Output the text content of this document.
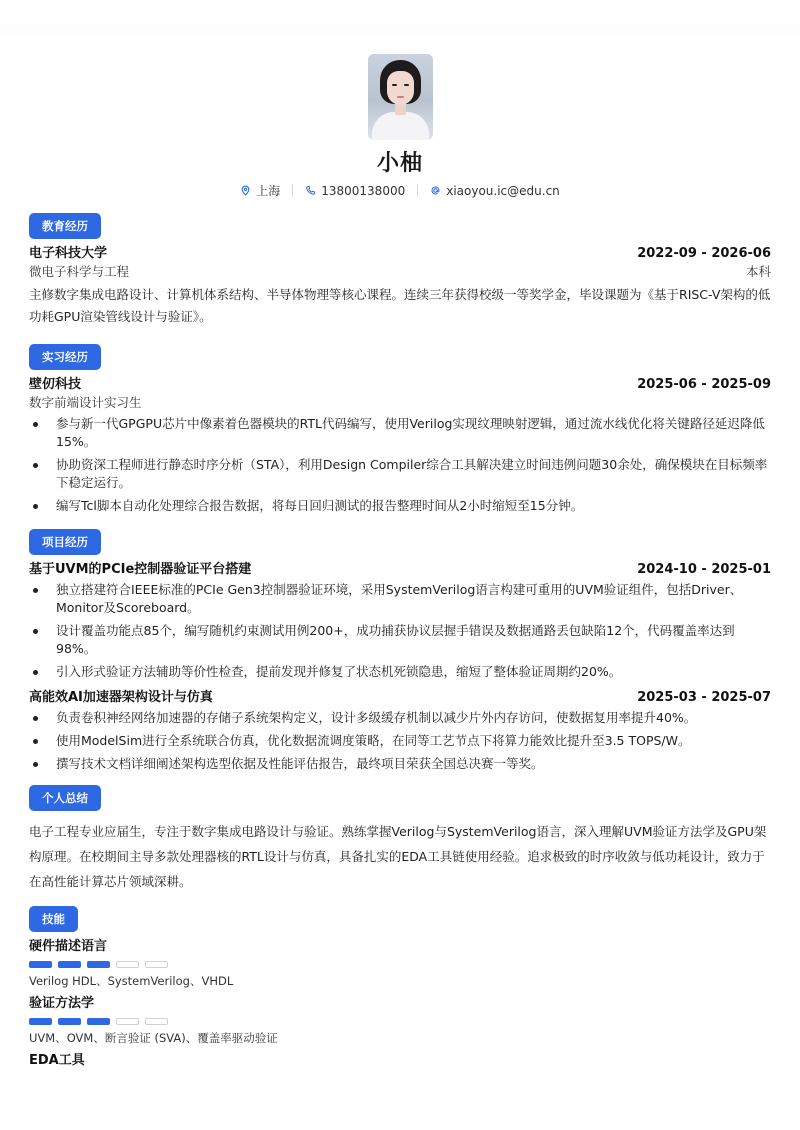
小柚
上海	13800138000	xiaoyou.ic@edu.cn
教育经历
电子科技大学	2022-09 - 2026-06
微电子科学与工程	本科
主修数字集成电路设计、计算机体系结构、半导体物理等核心课程。连续三年获得校级一等奖学金，毕设课题为《基于RISC-V架构的低功耗GPU渲染管线设计与验证》。
实习经历
壁仞科技	2025-06 - 2025-09
数字前端设计实习生
参与新一代GPGPU芯片中像素着色器模块的RTL代码编写，使用Verilog实现纹理映射逻辑，通过流水线优化将关键路径延迟降低15%。
协助资深工程师进行静态时序分析（STA），利用Design Compiler综合工具解决建立时间违例问题30余处，确保模块在目标频率下稳定运行。
编写Tcl脚本自动化处理综合报告数据，将每日回归测试的报告整理时间从2小时缩短至15分钟。
项目经历
基于UVM的PCIe控制器验证平台搭建	2024-10 - 2025-01
独立搭建符合IEEE标准的PCIe Gen3控制器验证环境，采用SystemVerilog语言构建可重用的UVM验证组件，包括Driver、Monitor及Scoreboard。
设计覆盖功能点85个，编写随机约束测试用例200+，成功捕获协议层握手错误及数据通路丢包缺陷12个，代码覆盖率达到98%。
引入形式验证方法辅助等价性检查，提前发现并修复了状态机死锁隐患，缩短了整体验证周期约20%。
高能效AI加速器架构设计与仿真	2025-03 - 2025-07
负责卷积神经网络加速器的存储子系统架构定义，设计多级缓存机制以减少片外内存访问，使数据复用率提升40%。
使用ModelSim进行全系统联合仿真，优化数据流调度策略，在同等工艺节点下将算力能效比提升至3.5 TOPS/W。
撰写技术文档详细阐述架构选型依据及性能评估报告，最终项目荣获全国总决赛一等奖。
个人总结
电子工程专业应届生，专注于数字集成电路设计与验证。熟练掌握Verilog与SystemVerilog语言，深入理解UVM验证方法学及GPU架构原理。在校期间主导多款处理器核的RTL设计与仿真，具备扎实的EDA工具链使用经验。追求极致的时序收敛与低功耗设计，致力于在高性能计算芯片领域深耕。
技能
硬件描述语言
Verilog HDL、SystemVerilog、VHDL
验证方法学
UVM、OVM、断言验证 (SVA)、覆盖率驱动验证
EDA工具
